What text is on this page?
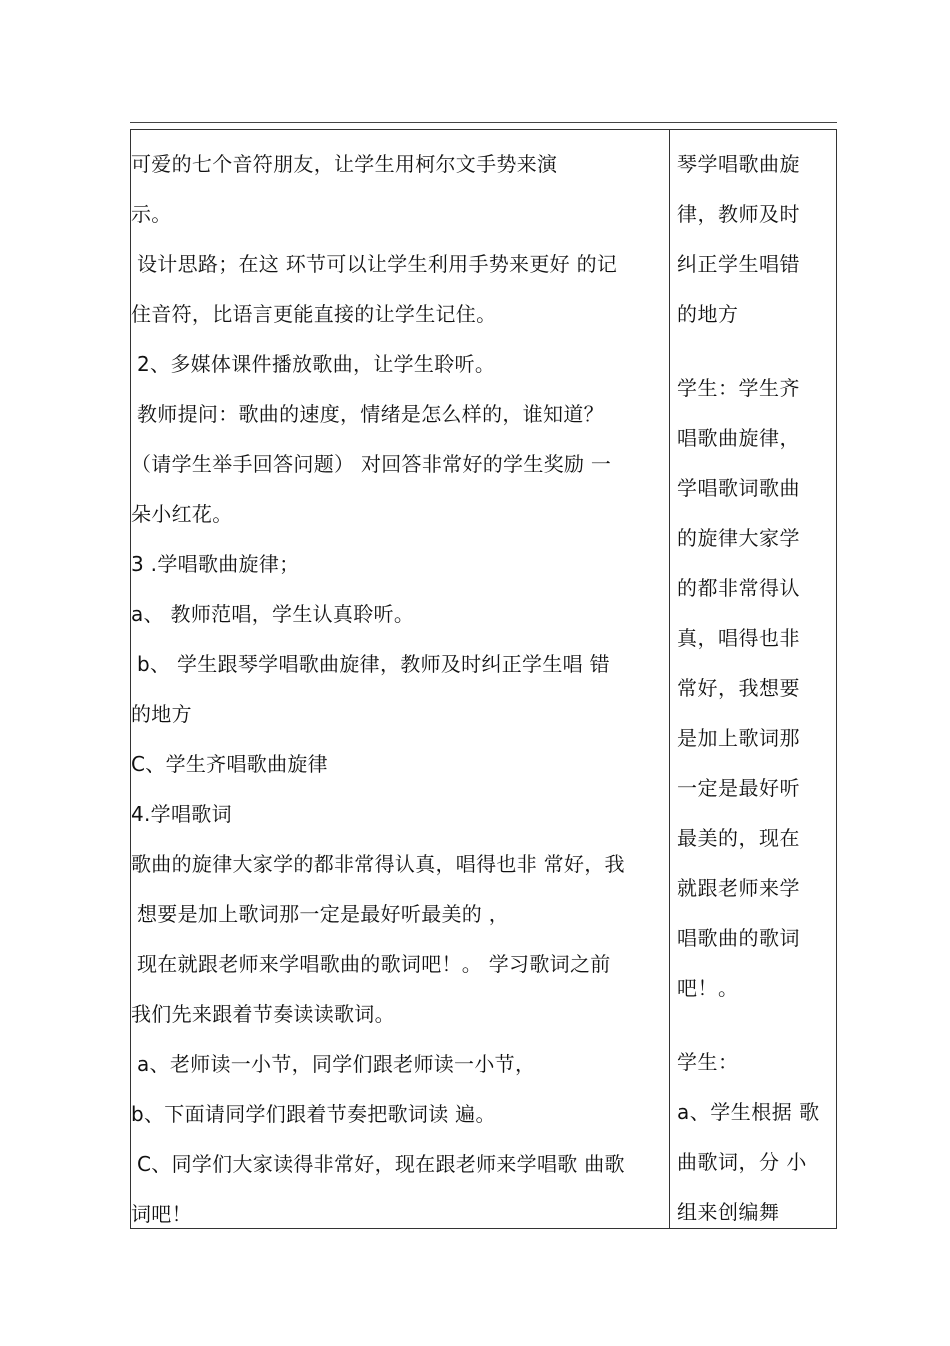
可爱的七个音符朋友，让学生用柯尔文手势来演
示。
设计思路；在这 环节可以让学生利用手势来更好 的记
住音符，比语言更能直接的让学生记住。
2、多媒体课件播放歌曲，让学生聆听。
教师提问：歌曲的速度，情绪是怎么样的，谁知道？
（请学生举手回答问题） 对回答非常好的学生奖励 一
朵小红花。
3 .学唱歌曲旋律；
a、 教师范唱，学生认真聆听。
b、 学生跟琴学唱歌曲旋律，教师及时纠正学生唱 错
的地方
C、学生齐唱歌曲旋律
4.学唱歌词
歌曲的旋律大家学的都非常得认真，唱得也非 常好，我
想要是加上歌词那一定是最好听最美的 ，
现在就跟老师来学唱歌曲的歌词吧！。 学习歌词之前
我们先来跟着节奏读读歌词。
a、老师读一小节，同学们跟老师读一小节，
b、下面请同学们跟着节奏把歌词读 遍。
C、同学们大家读得非常好，现在跟老师来学唱歌 曲歌
词吧！
琴学唱歌曲旋
律，教师及时
纠正学生唱错
的地方
学生：学生齐
唱歌曲旋律，
学唱歌词歌曲
的旋律大家学
的都非常得认
真，唱得也非
常好，我想要
是加上歌词那
一定是最好听
最美的，现在
就跟老师来学
唱歌曲的歌词
吧！。
学生：
a、学生根据 歌
曲歌词，分 小
组来创编舞
